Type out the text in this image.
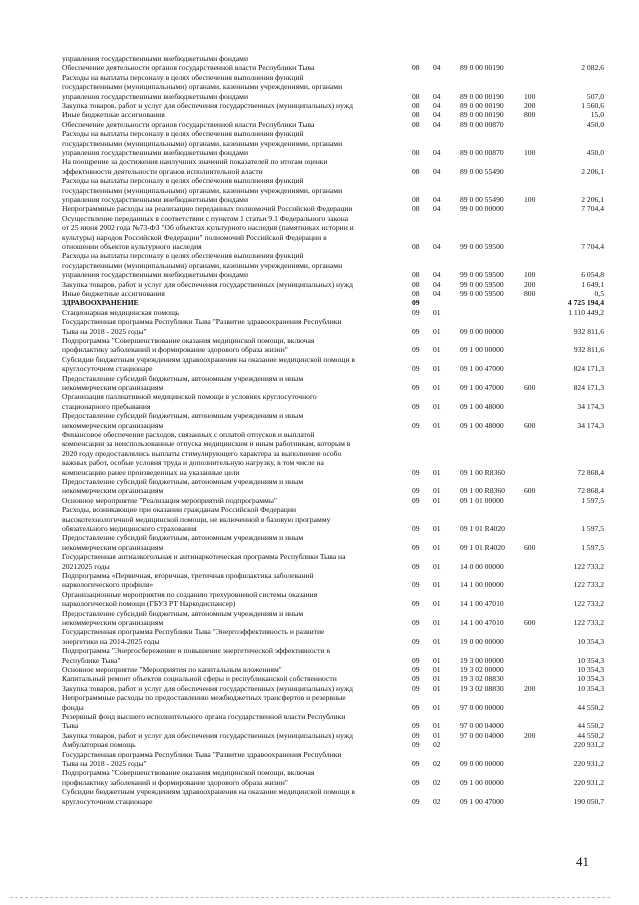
управления государственными внебюджетными фондами
Обеспечение деятельности органов государственной власти Республики Тыва	08 04	89 0 00 00190	2 082,6
Расходы на выплаты персоналу в целях обеспечения выполнения функций
государственными (муниципальными) органами, казенными учреждениями, органами
управления государственными внебюджетными фондами	08 04	89 0 00 00190	100	507,0
Закупка товаров, работ и услуг для обеспечения государственных (муниципальных) нужд	08 04	89 0 00 00190	200	1 560,6
Иные бюджетные ассигнования	08 04	89 0 00 00190	800	15,0
Обеспечение деятельности органов государственной власти Республики Тыва	08 04	89 0 00 00870	450,0
Расходы на выплаты персоналу в целях обеспечения выполнения функций
государственными (муниципальными) органами, казенными учреждениями, органами
управления государственными внебюджетными фондами	08 04	89 0 00 00870	100	450,0
На поощрение за достижения наилучших значений показателей по итогам оценки
эффективности деятельности органов исполнительной власти	08 04	89 0 00 55490	2 206,1
Расходы на выплаты персоналу в целях обеспечения выполнения функций
государственными (муниципальными) органами, казенными учреждениями, органами
управления государственными внебюджетными фондами	08 04	89 0 00 55490	100	2 206,1
Непрограммные расходы на реализацию переданных полномочий Российской Федерации	08 04	99 0 00 00000	7 704,4
Осуществление переданных в соответствии с пунктом 1 статьи 9.1 Федерального закона
от 25 июня 2002 года №73-ФЗ "Об объектах культурного наследия (памятниках истории и
культуры) народов Российской Федерации" полномочий Российской Федерации в
отношении объектов культурного наследия	08 04	99 0 00 59500	7 704,4
Расходы на выплаты персоналу в целях обеспечения выполнения функций
государственными (муниципальными) органами, казенными учреждениями, органами
управления государственными внебюджетными фондами	08 04	99 0 00 59500	100	6 054,8
Закупка товаров, работ и услуг для обеспечения государственных (муниципальных) нужд	08 04	99 0 00 59500	200	1 649,1
Иные бюджетные ассигнования	08 04	99 0 00 59500	800	0,5
ЗДРАВООХРАНЕНИЕ	09	4 725 194,4
Стационарная медицинская помощь	09 01	1 110 449,2
Государственная программа Республики Тыва "Развитие здравоохранения Республики
Тыва на 2018 - 2025 годы"	09 01	09 0 00 00000	932 811,6
Подпрограмма "Совершенствование оказания медицинской помощи, включая
профилактику заболеваний и формирование здорового образа жизни"	09 01	09 1 00 00000	932 811,6
Субсидии бюджетным учреждениям здравоохранения на оказание медицинской помощи в
круглосуточном стационаре	09 01	09 1 00 47000	824 171,3
Предоставление субсидий бюджетным, автономным учреждениям и иным
некоммерческим организациям	09 01	09 1 00 47000	600	824 171,3
Организация паллиативной медицинской помощи в условиях круглосуточного
стационарного пребывания	09 01	09 1 00 48000	34 174,3
Предоставление субсидий бюджетным, автономным учреждениям и иным
некоммерческим организациям	09 01	09 1 00 48000	600	34 174,3
Финансовое обеспечение расходов, связанных с оплатой отпусков и выплатой
компенсации за неиспользованные отпуска медицинским и иным работникам, которым в
2020 году предоставлялись выплаты стимулирующего характера за выполнение особо
важных работ, особые условия труда и дополнительную нагрузку, в том числе на
компенсацию ранее произведенных на указанные цели	09 01	09 1 00 R8360	72 868,4
Предоставление субсидий бюджетным, автономным учреждениям и иным
некоммерческим организациям	09 01	09 1 00 R8360	600	72 868,4
Основное мероприятие "Реализация мероприятий подпрограммы"	09 01	09 1 01 00000	1 597,5
Расходы, возникающие при оказании гражданам Российской Федерации
высокотехнологичной медицинской помощи, не включенной в базовую программу
обязательного медицинского страхования	09 01	09 1 01 R4020	1 597,5
Предоставление субсидий бюджетным, автономным учреждениям и иным
некоммерческим организациям	09 01	09 1 01 R4020	600	1 597,5
Государственная антиалкогольная и антинаркотическая программа Республики Тыва на
20212025 годы	09 01	14 0 00 00000	122 733,2
Подпрограмма «Первичная, вторичная, третичная профилактика заболеваний
наркологического профиля»	09 01	14 1 00 00000	122 733,2
Организационные мероприятия по созданию трехуровневой системы оказания
наркологической помощи (ГБУЗ РТ Наркодиспансер)	09 01	14 1 00 47010	122 733,2
Предоставление субсидий бюджетным, автономным учреждениям и иным
некоммерческим организациям	09 01	14 1 00 47010	600	122 733,2
Государственная программа Республики Тыва "Энергоэффективность и развитие
энергетики на 2014-2025 годы	09 01	19 0 00 00000	10 354,3
Подпрограмма "Энергосбережение и повышение энергетической эффективности в
Республике Тыва"	09 01	19 3 00 00000	10 354,3
Основное мероприятие "Мероприятия по капитальным вложениям"	09 01	19 3 02 00000	10 354,3
Капитальный ремонт объектов социальной сферы и республиканской собственности	09 01	19 3 02 08830	10 354,3
Закупка товаров, работ и услуг для обеспечения государственных (муниципальных) нужд	09 01	19 3 02 08830	200	10 354,3
Непрограммные расходы по предоставлению межбюджетных трансфертов и резервные
фонды	09 01	97 0 00 00000	44 550,2
Резервный фонд высшего исполнительного органа государственной власти Республики
Тыва	09 01	97 0 00 04000	44 550,2
Закупка товаров, работ и услуг для обеспечения государственных (муниципальных) нужд	09 01	97 0 00 04000	200	44 550,2
Амбулаторная помощь	09 02	220 931,2
Государственная программа Республики Тыва "Развитие здравоохранения Республики
Тыва на 2018 - 2025 годы"	09 02	09 0 00 00000	220 931,2
Подпрограмма "Совершенствование оказания медицинской помощи, включая
профилактику заболеваний и формирование здорового образа жизни"	09 02	09 1 00 00000	220 931,2
Субсидии бюджетным учреждениям здравоохранения на оказание медицинской помощи в
круглосуточном стационаре	09 02	09 1 00 47000	190 050,7
41
